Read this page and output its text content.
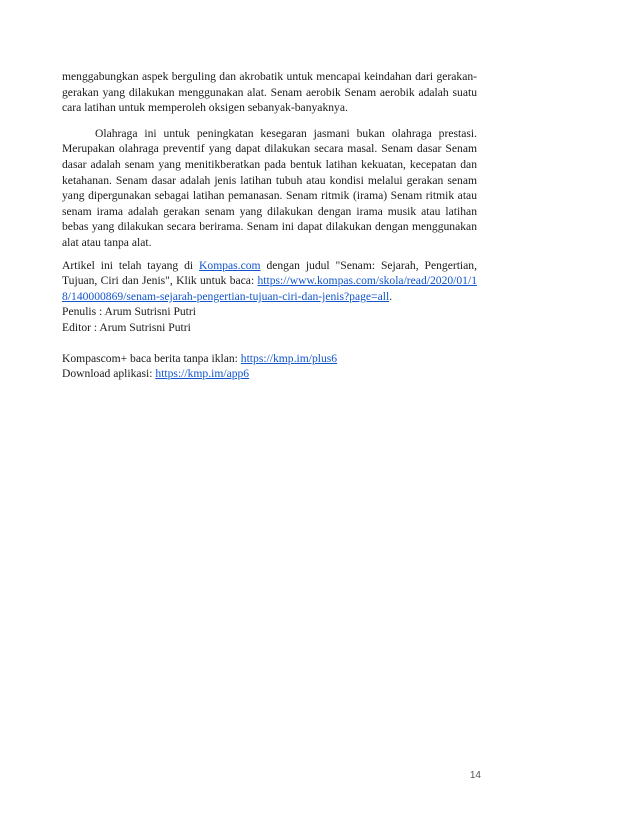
menggabungkan aspek berguling dan akrobatik untuk mencapai keindahan dari gerakan-gerakan yang dilakukan menggunakan alat. Senam aerobik Senam aerobik adalah suatu cara latihan untuk memperoleh oksigen sebanyak-banyaknya.

Olahraga ini untuk peningkatan kesegaran jasmani bukan olahraga prestasi. Merupakan olahraga preventif yang dapat dilakukan secara masal. Senam dasar Senam dasar adalah senam yang menitikberatkan pada bentuk latihan kekuatan, kecepatan dan ketahanan. Senam dasar adalah jenis latihan tubuh atau kondisi melalui gerakan senam yang dipergunakan sebagai latihan pemanasan. Senam ritmik (irama) Senam ritmik atau senam irama adalah gerakan senam yang dilakukan dengan irama musik atau latihan bebas yang dilakukan secara berirama. Senam ini dapat dilakukan dengan menggunakan alat atau tanpa alat.

Artikel ini telah tayang di Kompas.com dengan judul "Senam: Sejarah, Pengertian, Tujuan, Ciri dan Jenis", Klik untuk baca: https://www.kompas.com/skola/read/2020/01/18/140000869/senam-sejarah-pengertian-tujuan-ciri-dan-jenis?page=all.

Penulis : Arum Sutrisni Putri
Editor : Arum Sutrisni Putri
Kompascom+ baca berita tanpa iklan: https://kmp.im/plus6
Download aplikasi: https://kmp.im/app6
14
